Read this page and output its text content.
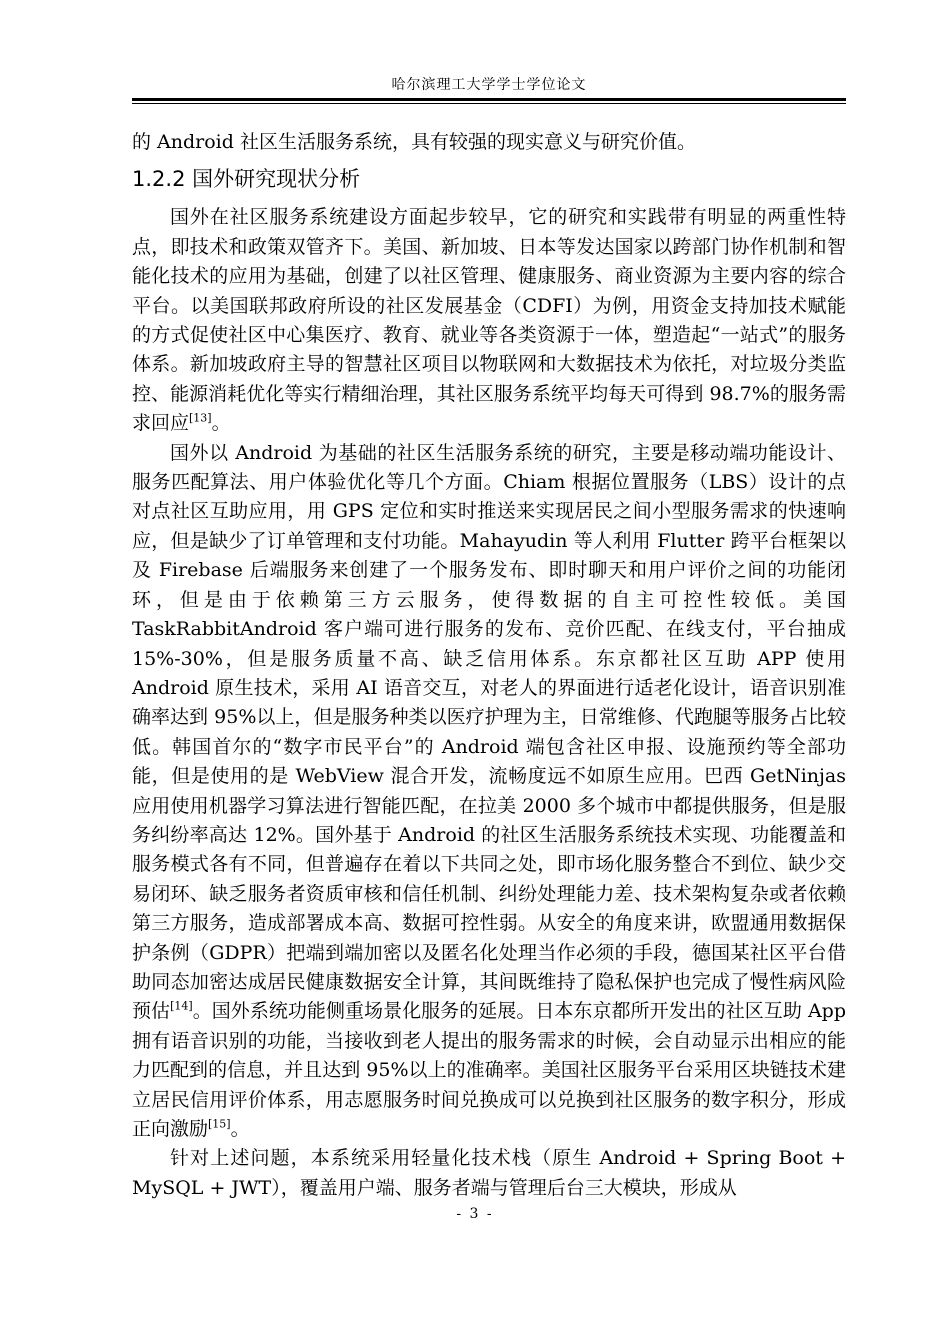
哈尔滨理工大学学士学位论文

的 Android 社区生活服务系统，具有较强的现实意义与研究价值。

1.2.2 国外研究现状分析

国外在社区服务系统建设方面起步较早，它的研究和实践带有明显的两重性特点，即技术和政策双管齐下。美国、新加坡、日本等发达国家以跨部门协作机制和智能化技术的应用为基础，创建了以社区管理、健康服务、商业资源为主要内容的综合平台。以美国联邦政府所设的社区发展基金（CDFI）为例，用资金支持加技术赋能的方式促使社区中心集医疗、教育、就业等各类资源于一体，塑造起“一站式”的服务体系。新加坡政府主导的智慧社区项目以物联网和大数据技术为依托，对垃圾分类监控、能源消耗优化等实行精细治理，其社区服务系统平均每天可得到 98.7%的服务需求回应[13]。

国外以 Android 为基础的社区生活服务系统的研究，主要是移动端功能设计、服务匹配算法、用户体验优化等几个方面。Chiam 根据位置服务（LBS）设计的点对点社区互助应用，用 GPS 定位和实时推送来实现居民之间小型服务需求的快速响应，但是缺少了订单管理和支付功能。Mahayudin 等人利用 Flutter 跨平台框架以及 Firebase 后端服务来创建了一个服务发布、即时聊天和用户评价之间的功能闭环，但是由于依赖第三方云服务，使得数据的自主可控性较低。美国 TaskRabbitAndroid 客户端可进行服务的发布、竞价匹配、在线支付，平台抽成 15%-30%，但是服务质量不高、缺乏信用体系。东京都社区互助 APP 使用 Android 原生技术，采用 AI 语音交互，对老人的界面进行适老化设计，语音识别准确率达到 95%以上，但是服务种类以医疗护理为主，日常维修、代跑腿等服务占比较低。韩国首尔的“数字市民平台”的 Android 端包含社区申报、设施预约等全部功能，但是使用的是 WebView 混合开发，流畅度远不如原生应用。巴西 GetNinjas 应用使用机器学习算法进行智能匹配，在拉美 2000 多个城市中都提供服务，但是服务纠纷率高达 12%。国外基于 Android 的社区生活服务系统技术实现、功能覆盖和服务模式各有不同，但普遍存在着以下共同之处，即市场化服务整合不到位、缺少交易闭环、缺乏服务者资质审核和信任机制、纠纷处理能力差、技术架构复杂或者依赖第三方服务，造成部署成本高、数据可控性弱。从安全的角度来讲，欧盟通用数据保护条例（GDPR）把端到端加密以及匿名化处理当作必须的手段，德国某社区平台借助同态加密达成居民健康数据安全计算，其间既维持了隐私保护也完成了慢性病风险预估[14]。国外系统功能侧重场景化服务的延展。日本东京都所开发出的社区互助 App 拥有语音识别的功能，当接收到老人提出的服务需求的时候，会自动显示出相应的能力匹配到的信息，并且达到 95%以上的准确率。美国社区服务平台采用区块链技术建立居民信用评价体系，用志愿服务时间兑换成可以兑换到社区服务的数字积分，形成正向激励[15]。

针对上述问题，本系统采用轻量化技术栈（原生 Android + Spring Boot + MySQL + JWT），覆盖用户端、服务者端与管理后台三大模块，形成从

- 3 -
